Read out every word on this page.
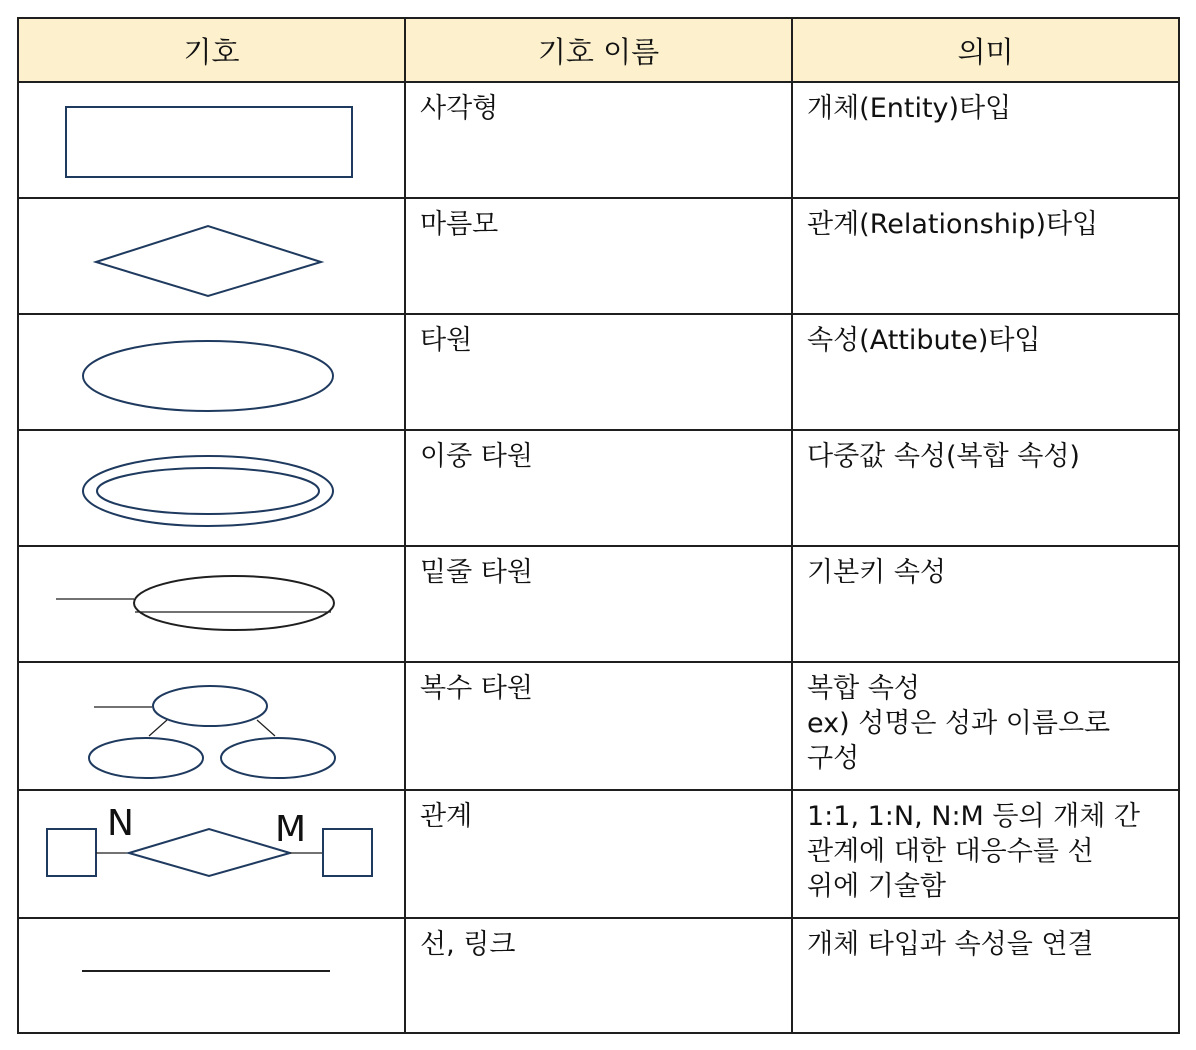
기호	기호 이름	의미

	사각형	개체(Entity)타입

	마름모	관계(Relationship)타입

	타원	속성(Attibute)타입

	이중 타원	다중값 속성(복합 속성)

	밑줄 타원	기본키 속성

	복수 타원	복합 속성
ex) 성명은 성과 이름으로
구성

N M	관계	1:1, 1:N, N:M 등의 개체 간
관계에 대한 대응수를 선
위에 기술함

	선, 링크	개체 타입과 속성을 연결
